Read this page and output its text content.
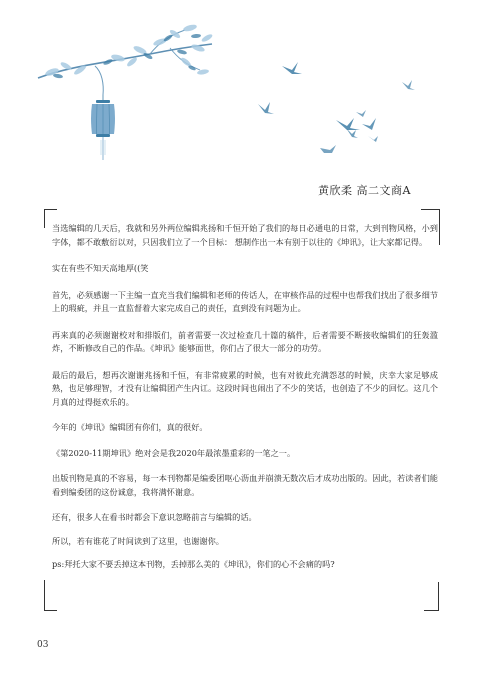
黄欣柔 高二文商A

当选编辑的几天后，我就和另外两位编辑兆扬和千恒开始了我们的每日必通电的日常，大到刊物风格，小到字体，都不敢敷衍以对，只因我们立了一个目标： 想制作出一本有别于以往的《坤讯》，让大家都记得。

实在有些不知天高地厚((笑

首先，必须感谢一下主编一直充当我们编辑和老师的传话人，在审核作品的过程中也帮我们找出了很多细节上的瑕疵，并且一直监督着大家完成自己的责任，直到没有问题为止。

再来真的必须谢谢校对和排版们，前者需要一次过检查几十篇的稿件，后者需要不断接收编辑们的狂轰滥炸，不断修改自己的作品。《坤讯》能够面世，你们占了很大一部分的功劳。

最后的最后，想再次谢谢兆扬和千恒，有非常疲累的时候，也有对彼此充满怨怼的时候，庆幸大家足够成熟，也足够理智，才没有让编辑团产生内讧。这段时间也闹出了不少的笑话，也创造了不少的回忆。这几个月真的过得挺欢乐的。

今年的《坤讯》编辑团有你们，真的很好。

《第2020-11期坤讯》绝对会是我2020年最浓墨重彩的一笔之一。

出版刊物是真的不容易，每一本刊物都是编委团呕心沥血并崩溃无数次后才成功出版的。因此，若读者们能看到编委团的这份诚意，我将满怀谢意。

还有，很多人在看书时都会下意识忽略前言与编辑的话。

所以，若有谁花了时间读到了这里，也谢谢你。

ps:拜托大家不要丢掉这本刊物，丢掉那么美的《坤讯》，你们的心不会痛的吗?

03
